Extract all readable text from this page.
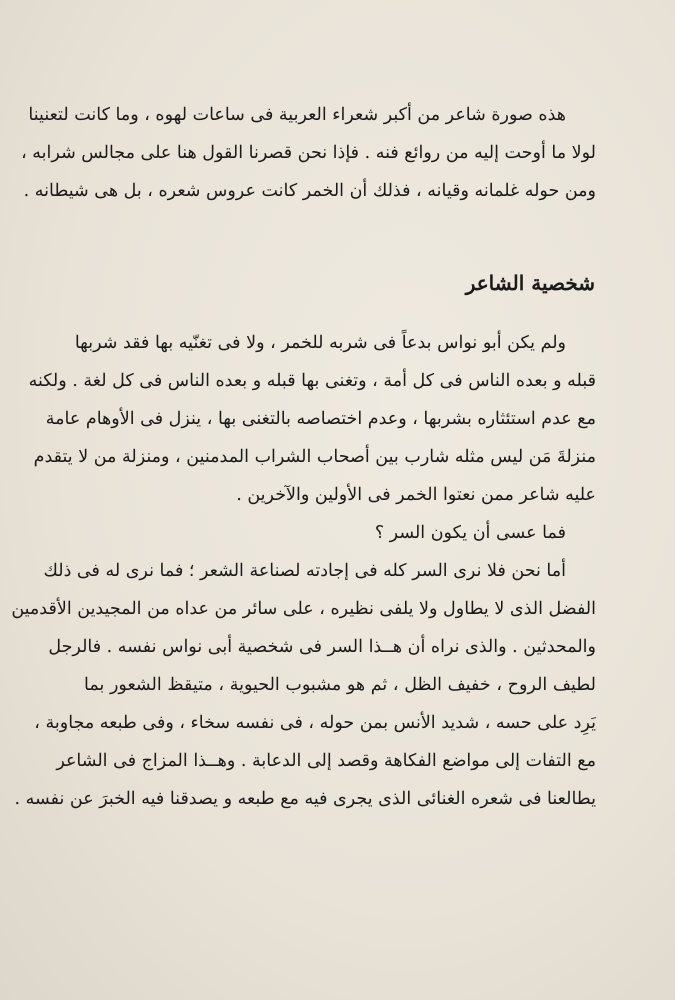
هذه صورة شاعر من أكبر شعراء العربية فى ساعات لهوه ، وما كانت لتعنينا
لولا ما أوحت إليه من روائع فنه . فإذا نحن قصرنا القول هنا على مجالس شرابه ،
ومن حوله غلمانه وقيانه ، فذلك أن الخمر كانت عروس شعره ، بل هى شيطانه .
شخصية الشاعر
ولم يكن أبو نواس بدعاً فى شربه للخمر ، ولا فى تغنّيه بها فقد شربها
قبله و بعده الناس فى كل أمة ، وتغنى بها قبله و بعده الناس فى كل لغة . ولكنه
مع عدم استئثاره بشربها ، وعدم اختصاصه بالتغنى بها ، ينزل فى الأوهام عامة
منزلةَ مَن ليس مثله شارب بين أصحاب الشراب المدمنين ، ومنزلة من لا يتقدم
عليه شاعر ممن نعتوا الخمر فى الأولين والآخرين .
فما عسى أن يكون السر ؟
أما نحن فلا نرى السر كله فى إجادته لصناعة الشعر ؛ فما نرى له فى ذلك
الفضل الذى لا يطاول ولا يلفى نظيره ، على سائر من عداه من المجيدين الأقدمين
والمحدثين . والذى نراه أن هــذا السر فى شخصية أبى نواس نفسه . فالرجل
لطيف الروح ، خفيف الظل ، ثم هو مشبوب الحيوية ، متيقظ الشعور بما
يَرِد على حسه ، شديد الأنس بمن حوله ، فى نفسه سخاء ، وفى طبعه مجاوبة ،
مع التفات إلى مواضع الفكاهة وقصد إلى الدعابة . وهــذا المزاج فى الشاعر
يطالعنا فى شعره الغنائى الذى يجرى فيه مع طبعه و يصدقنا فيه الخبرَ عن نفسه .
